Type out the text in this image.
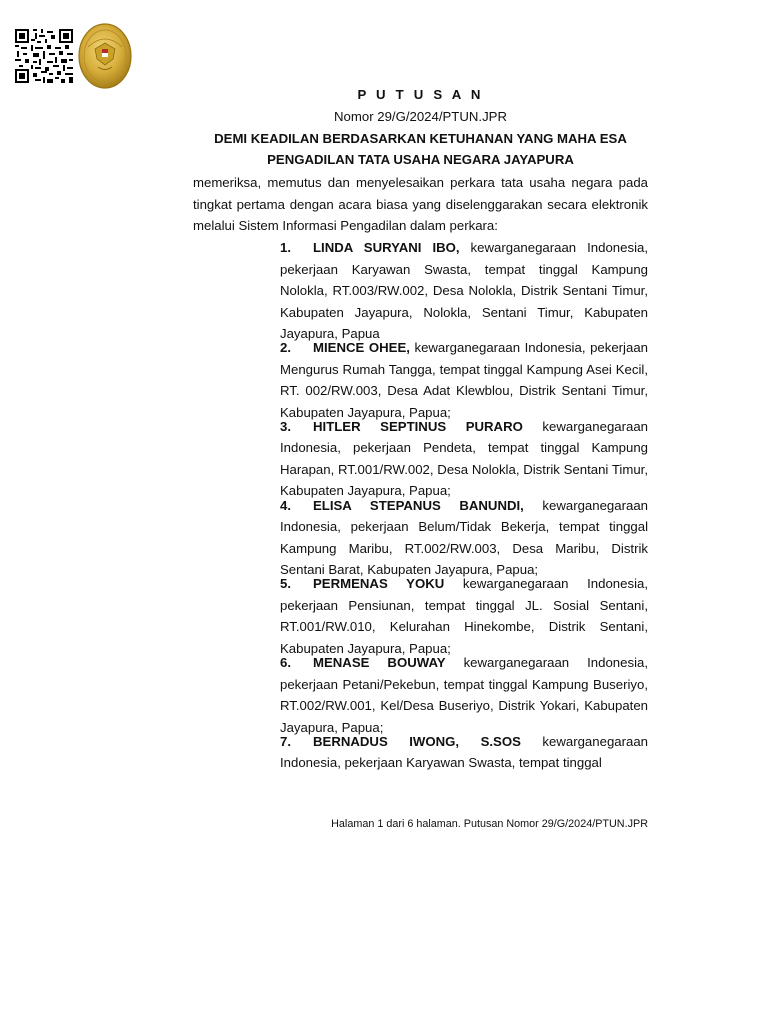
P U T U S A N
Nomor 29/G/2024/PTUN.JPR
DEMI KEADILAN BERDASARKAN KETUHANAN YANG MAHA ESA
PENGADILAN TATA USAHA NEGARA JAYAPURA
memeriksa, memutus dan menyelesaikan perkara tata usaha negara pada tingkat pertama dengan acara biasa yang diselenggarakan secara elektronik melalui Sistem Informasi Pengadilan dalam perkara:

1. LINDA SURYANI IBO, kewarganegaraan Indonesia, pekerjaan Karyawan Swasta, tempat tinggal Kampung Nolokla, RT.003/RW.002, Desa Nolokla, Distrik Sentani Timur, Kabupaten Jayapura, Nolokla, Sentani Timur, Kabupaten Jayapura, Papua

2. MIENCE OHEE, kewarganegaraan Indonesia, pekerjaan Mengurus Rumah Tangga, tempat tinggal Kampung Asei Kecil, RT. 002/RW.003, Desa Adat Klewblou, Distrik Sentani Timur, Kabupaten Jayapura, Papua;

3. HITLER SEPTINUS PURARO kewarganegaraan Indonesia, pekerjaan Pendeta, tempat tinggal Kampung Harapan, RT.001/RW.002, Desa Nolokla, Distrik Sentani Timur, Kabupaten Jayapura, Papua;

4. ELISA STEPANUS BANUNDI, kewarganegaraan Indonesia, pekerjaan Belum/Tidak Bekerja, tempat tinggal Kampung Maribu, RT.002/RW.003, Desa Maribu, Distrik Sentani Barat, Kabupaten Jayapura, Papua;

5. PERMENAS YOKU kewarganegaraan Indonesia, pekerjaan Pensiunan, tempat tinggal JL. Sosial Sentani, RT.001/RW.010, Kelurahan Hinekombe, Distrik Sentani, Kabupaten Jayapura, Papua;

6. MENASE BOUWAY kewarganegaraan Indonesia, pekerjaan Petani/Pekebun, tempat tinggal Kampung Buseriyo, RT.002/RW.001, Kel/Desa Buseriyo, Distrik Yokari, Kabupaten Jayapura, Papua;

7. BERNADUS IWONG, S.SOS kewarganegaraan Indonesia, pekerjaan Karyawan Swasta, tempat tinggal

Halaman 1 dari 6 halaman. Putusan Nomor 29/G/2024/PTUN.JPR
